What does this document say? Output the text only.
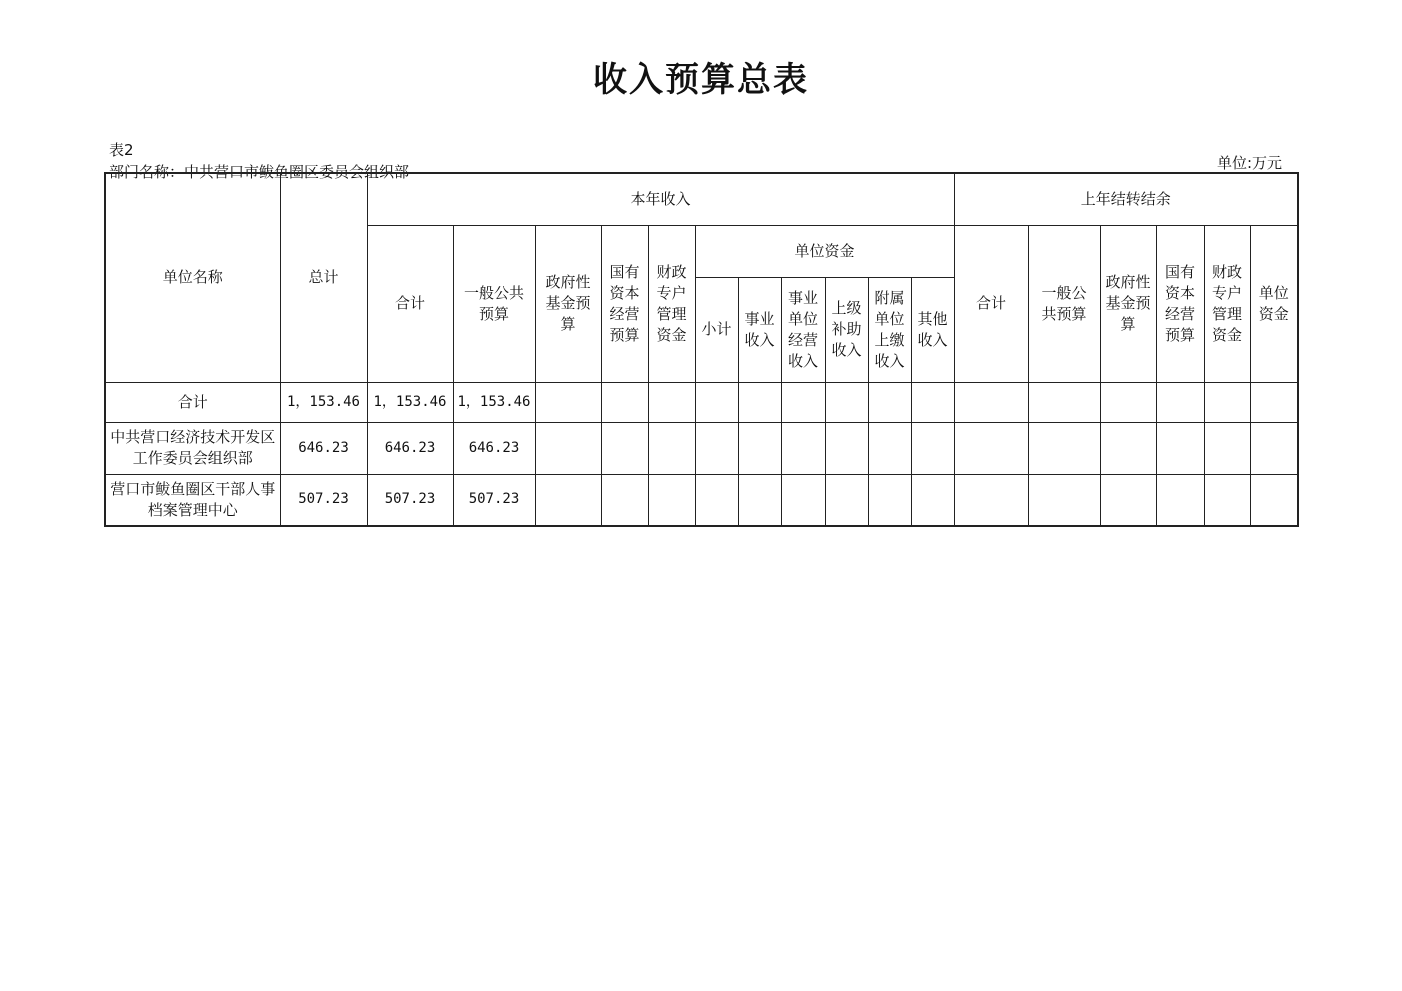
收入预算总表
表2
部门名称：中共营口市鲅鱼圈区委员会组织部	单位:万元
单位名称	总计	本年收入											上年结转结余					
		合计	一般公共预算	政府性基金预算	国有资本经营预算	财政专户管理资金	单位资金						合计	一般公共预算	政府性基金预算	国有资本经营预算	财政专户管理资金	单位资金
							小计	事业收入	事业单位经营收入	上级补助收入	附属单位上缴收入	其他收入						
合计	1，153.46	1，153.46	1，153.46															
中共营口经济技术开发区工作委员会组织部	646.23	646.23	646.23															
营口市鲅鱼圈区干部人事档案管理中心	507.23	507.23	507.23															
